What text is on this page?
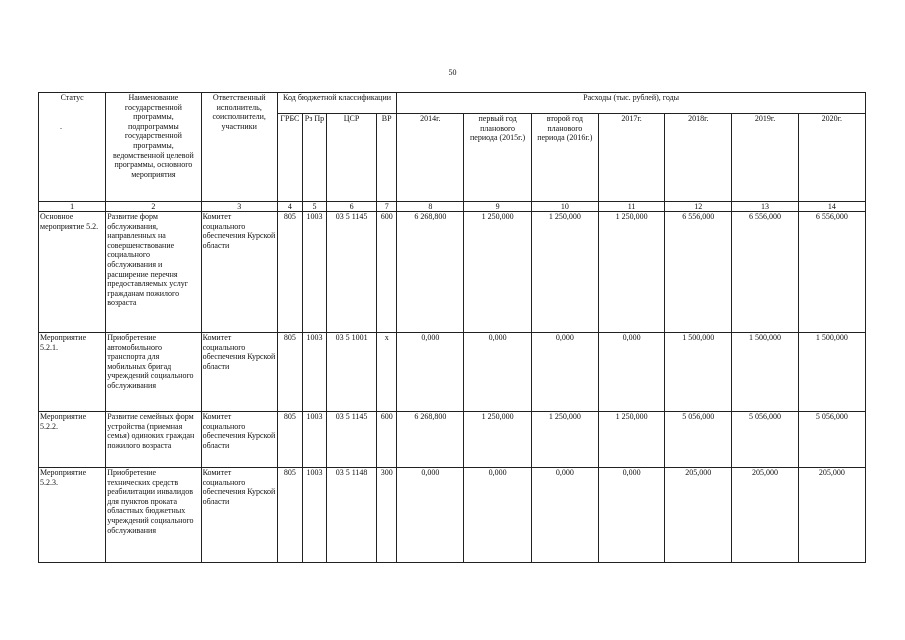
50
.
Статус	Наименование государственной программы, подпрограммы государственной программы, ведомственной целевой программы, основного мероприятия	Ответственный исполнитель, соисполнители, участники	Код бюджетной классификации				Расходы (тыс. рублей), годы						
			ГРБС	Рз Пр	ЦСР	ВР	2014г.	первый год планового периода (2015г.)	второй год планового периода (2016г.)	2017г.	2018г.	2019г.	2020г.
1	2	3	4	5	6	7	8	9	10	11	12	13	14
Основное мероприятие 5.2.	Развитие форм обслуживания, направленных на совершенствование социального обслуживания и расширение перечня предоставляемых услуг гражданам пожилого возраста	Комитет социального обеспечения Курской области	805	1003	03 5 1145	600	6 268,800	1 250,000	1 250,000	1 250,000	6 556,000	6 556,000	6 556,000
Мероприятие 5.2.1.	Приобретение автомобильного транспорта для мобильных бригад учреждений социального обслуживания	Комитет социального обеспечения Курской области	805	1003	03 5 1001	х	0,000	0,000	0,000	0,000	1 500,000	1 500,000	1 500,000
Мероприятие 5.2.2.	Развитие семейных форм устройства (приемная семья) одиноких граждан пожилого возраста	Комитет социального обеспечения Курской области	805	1003	03 5 1145	600	6 268,800	1 250,000	1 250,000	1 250,000	5 056,000	5 056,000	5 056,000
Мероприятие 5.2.3.	Приобретение технических средств реабилитации инвалидов для пунктов проката областных бюджетных учреждений социального обслуживания	Комитет социального обеспечения Курской области	805	1003	03 5 1148	300	0,000	0,000	0,000	0,000	205,000	205,000	205,000
